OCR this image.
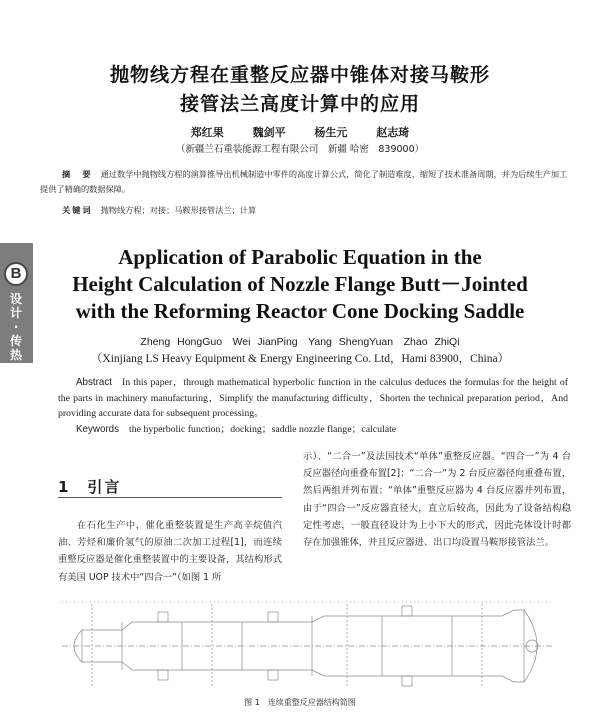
抛物线方程在重整反应器中锥体对接马鞍形
接管法兰高度计算中的应用
郑红果　 魏剑平　 杨生元　 赵志琦
（新疆兰石重装能源工程有限公司　新疆 哈密　839000）
摘　要 通过数学中抛物线方程的演算推导出机械制造中零件的高度计算公式，简化了制造难度，缩短了技术准备周期，并为后续生产加工提供了精确的数据保障。
关键词 抛物线方程；对接；马鞍形接管法兰；计算
B
设计·传热
Application of Parabolic Equation in the
Height Calculation of Nozzle Flange Butt－Jointed
with the Reforming Reactor Cone Docking Saddle
Zheng HongGuo　Wei JianPing　Yang ShengYuan　Zhao ZhiQi
（Xinjiang LS Heavy Equipment & Energy Engineering Co. Ltd，Hami 83900，China）
Abstract In this paper，through mathematical hyperbolic function in the calculus deduces the formulas for the height of the parts in machinery manufacturing，Simplify the manufacturing difficulty，Shorten the technical preparation period，And providing accurate data for subsequent processing。
Keywords the hyperbolic function；docking；saddle nozzle flange；calculate
1　引言
在石化生产中，催化重整装置是生产高辛烷值汽油、芳烃和廉价氢气的原油二次加工过程[1]，而连续重整反应器是催化重整装置中的主要设备，其结构形式有美国 UOP 技术中“四合一”（如图 1 所
示）、“二合一”及法国技术“单体”重整反应器。“四合一”为 4 台反应器径向重叠布置[2]；“二合一”为 2 台反应器径向重叠布置，然后两组并列布置；“单体”重整反应器为 4 台反应器并列布置，由于“四合一”反应器直径大，直立后较高，因此为了设备结构稳定性考虑，一般直径设计为上小下大的形式，因此壳体设计时都存在加强锥体，并且反应器进、出口均设置马鞍形接管法兰。
图 1　连续重整反应器结构简图
